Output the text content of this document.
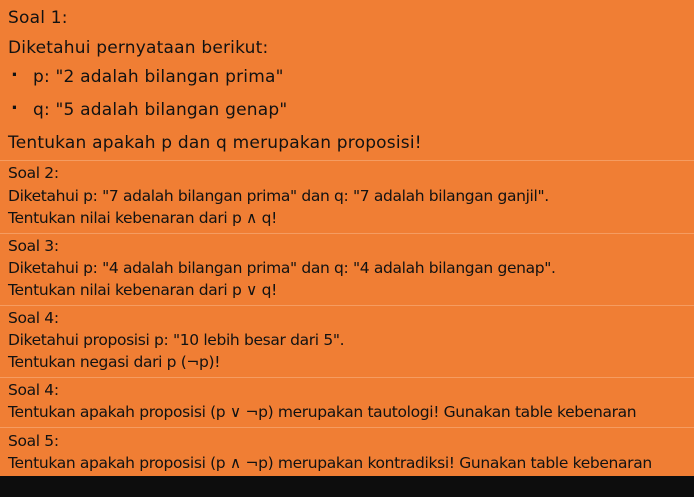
Soal 1:
Diketahui pernyataan berikut:
. p: "2 adalah bilangan prima"
. q: "5 adalah bilangan genap"
Tentukan apakah p dan q merupakan proposisi!
Soal 2:
Diketahui p: "7 adalah bilangan prima" dan q: "7 adalah bilangan ganjil".
Tentukan nilai kebenaran dari p ∧ q!
Soal 3:
Diketahui p: "4 adalah bilangan prima" dan q: "4 adalah bilangan genap".
Tentukan nilai kebenaran dari p ∨ q!
Soal 4:
Diketahui proposisi p: "10 lebih besar dari 5".
Tentukan negasi dari p (¬p)!
Soal 4:
Tentukan apakah proposisi (p ∨ ¬p) merupakan tautologi! Gunakan table kebenaran
Soal 5:
Tentukan apakah proposisi (p ∧ ¬p) merupakan kontradiksi! Gunakan table kebenaran
